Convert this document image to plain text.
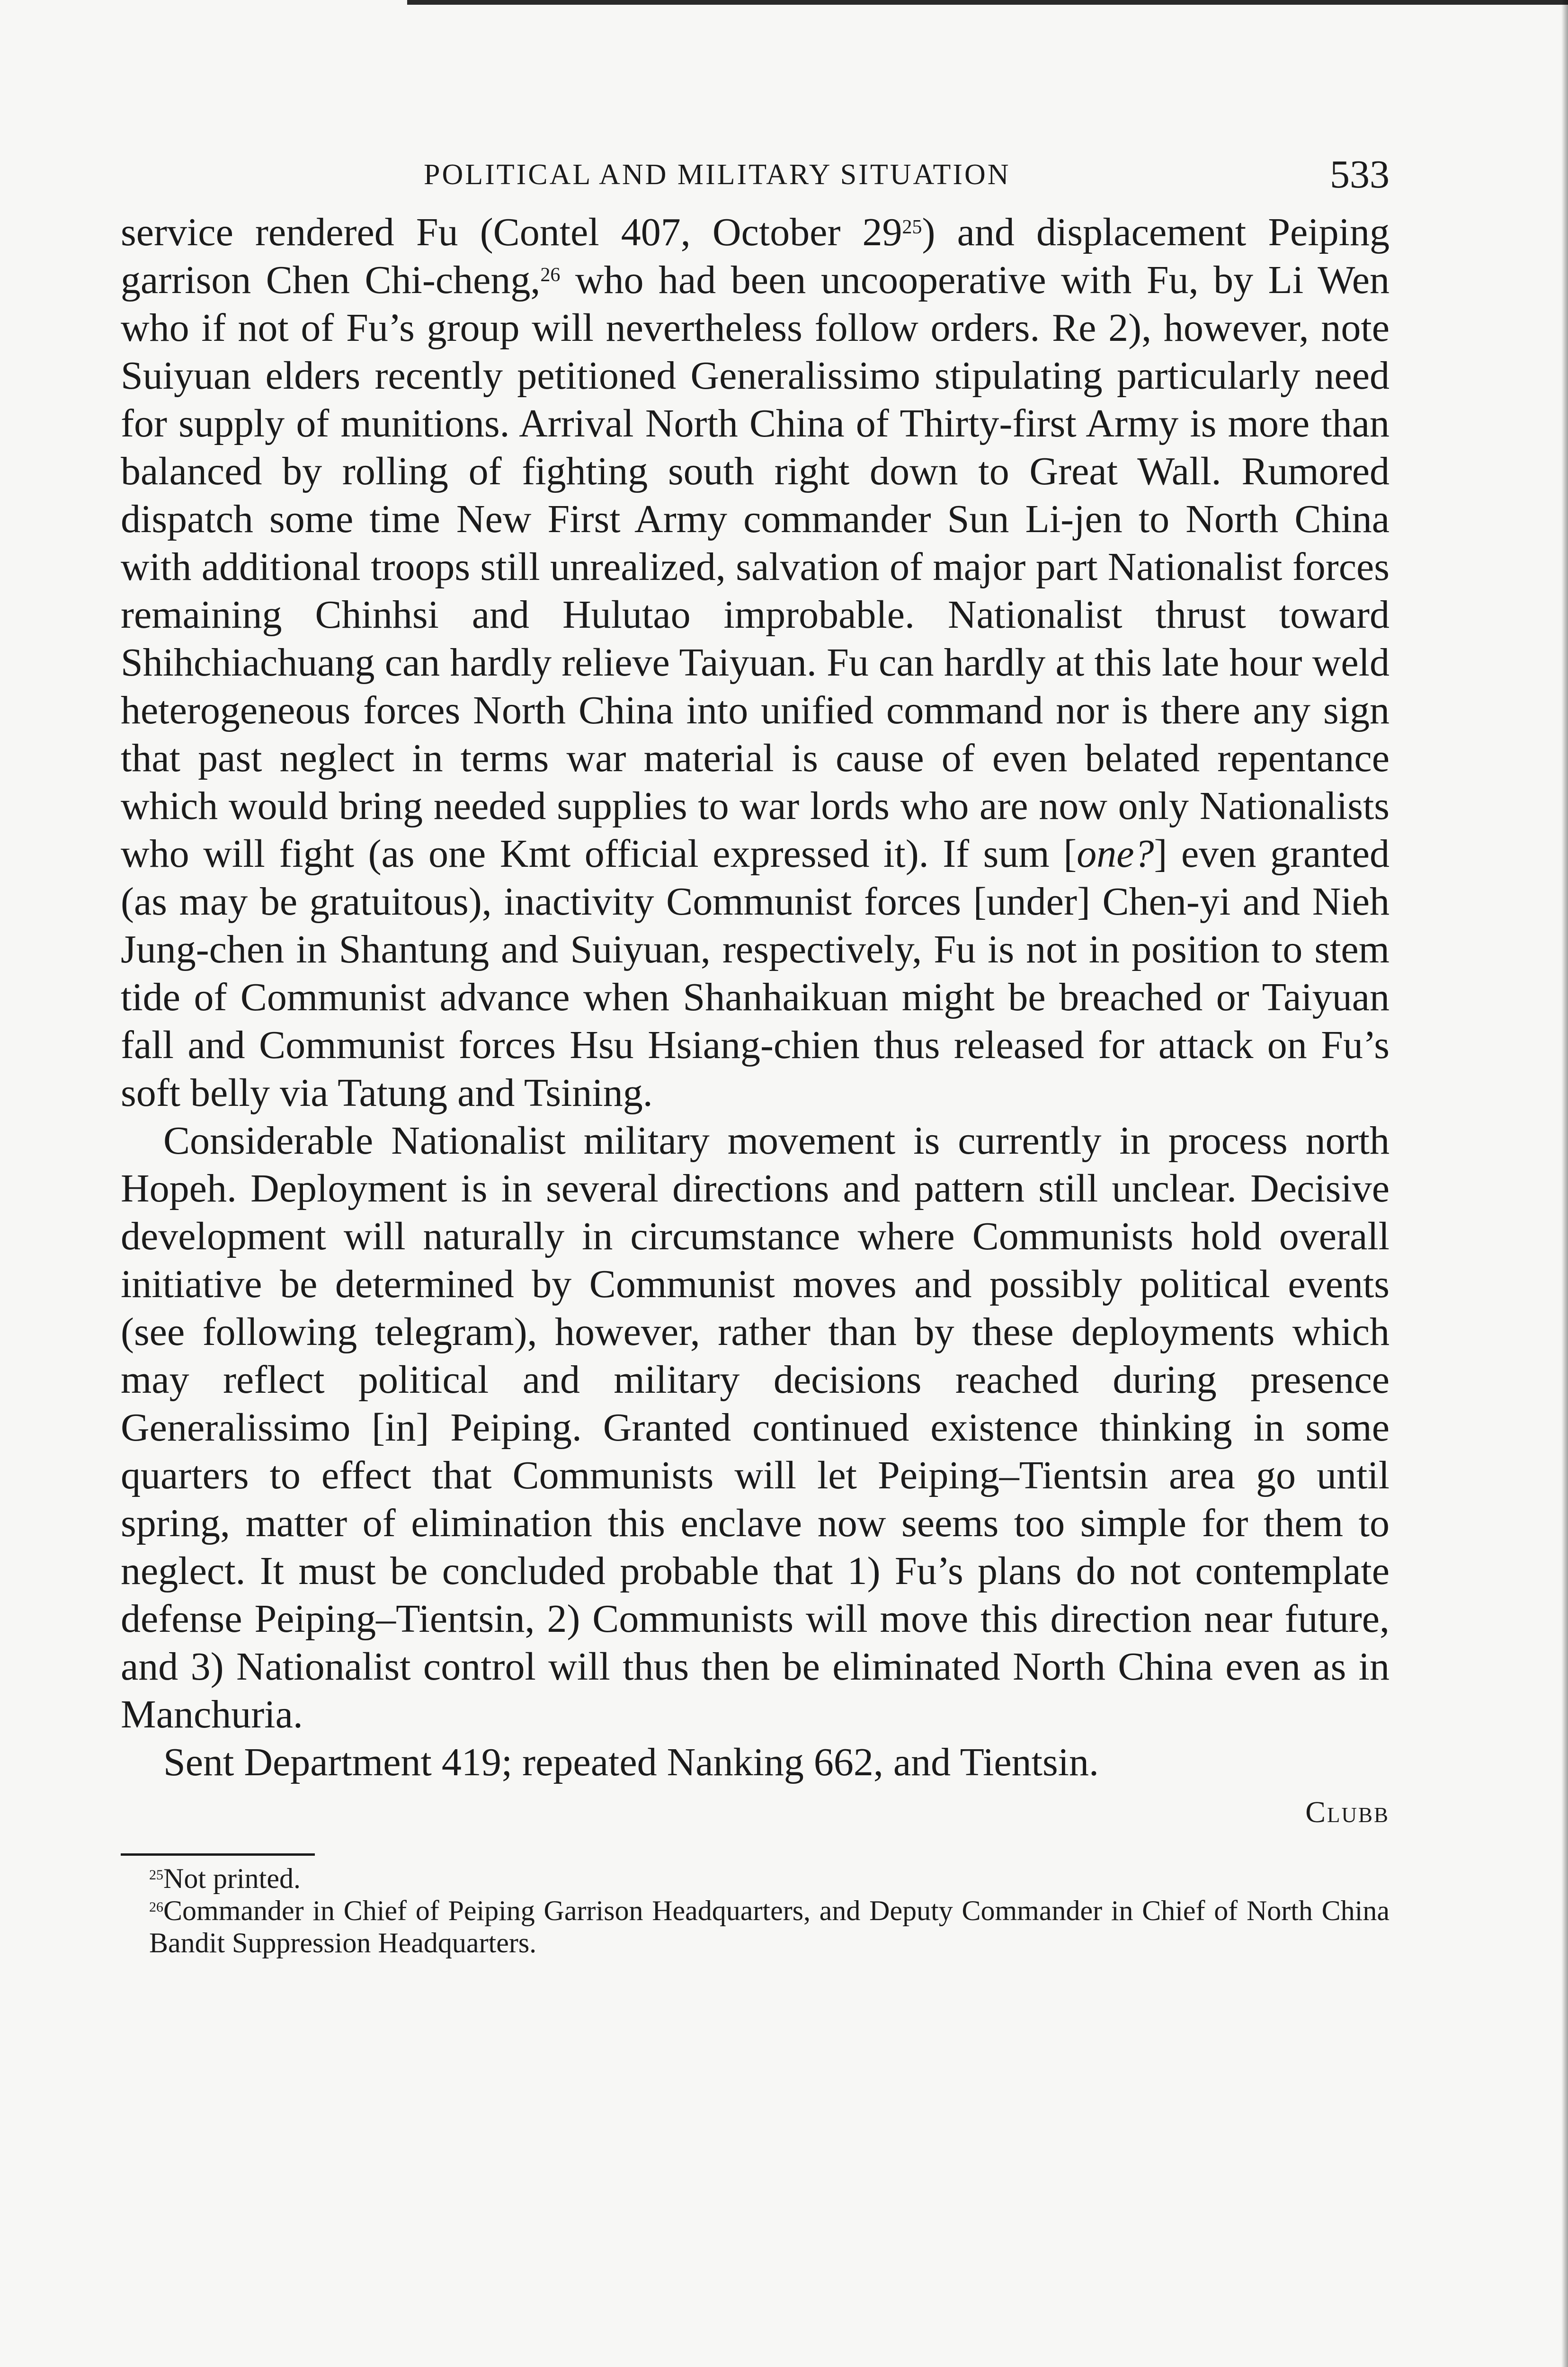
POLITICAL AND MILITARY SITUATION	533

service rendered Fu (Contel 407, October $29^{25}$) and displacement Peiping garrison Chen Chi-cheng,$^{26}$ who had been uncooperative with Fu, by Li Wen who if not of Fu’s group will nevertheless follow orders. Re 2), however, note Suiyuan elders recently petitioned Generalissimo stipulating particularly need for supply of munitions. Arrival North China of Thirty-first Army is more than balanced by rolling of fighting south right down to Great Wall. Rumored dispatch some time New First Army commander Sun Li-jen to North China with additional troops still unrealized, salvation of major part Nationalist forces remaining Chinhsi and Hulutao improbable. Nationalist thrust toward Shihchiachuang can hardly relieve Taiyuan. Fu can hardly at this late hour weld heterogeneous forces North China into unified command nor is there any sign that past neglect in terms war material is cause of even belated repentance which would bring needed supplies to war lords who are now only Nationalists who will fight (as one Kmt official expressed it). If sum [one?] even granted (as may be gratuitous), inactivity Communist forces [under] Chen-yi and Nieh Jung-chen in Shantung and Suiyuan, respectively, Fu is not in position to stem tide of Communist advance when Shanhaikuan might be breached or Taiyuan fall and Communist forces Hsu Hsiang-chien thus released for attack on Fu’s soft belly via Tatung and Tsining.

Considerable Nationalist military movement is currently in process north Hopeh. Deployment is in several directions and pattern still unclear. Decisive development will naturally in circumstance where Communists hold overall initiative be determined by Communist moves and possibly political events (see following telegram), however, rather than by these deployments which may reflect political and military decisions reached during presence Generalissimo [in] Peiping. Granted continued existence thinking in some quarters to effect that Communists will let Peiping–Tientsin area go until spring, matter of elimination this enclave now seems too simple for them to neglect. It must be concluded probable that 1) Fu’s plans do not contemplate defense Peiping–Tientsin, 2) Communists will move this direction near future, and 3) Nationalist control will thus then be eliminated North China even as in Manchuria.

Sent Department 419; repeated Nanking 662, and Tientsin.

Clubb

$^{25}$Not printed.

$^{26}$Commander in Chief of Peiping Garrison Headquarters, and Deputy Commander in Chief of North China Bandit Suppression Headquarters.
